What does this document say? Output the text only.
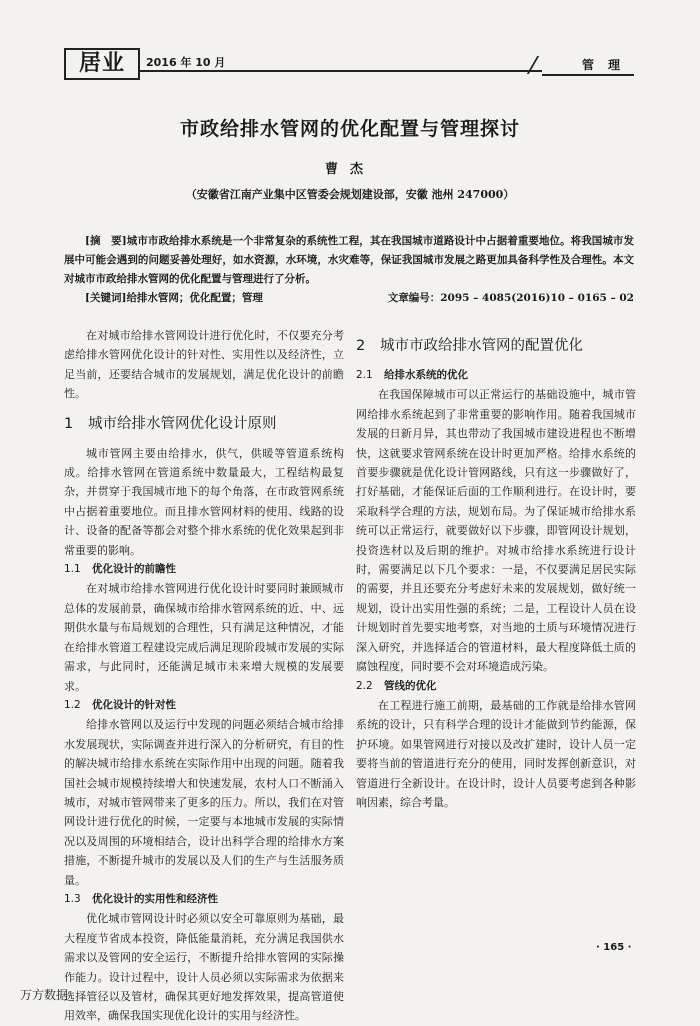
居业	2016 年 10 月	管理
市政给排水管网的优化配置与管理探讨
曹杰
（安徽省江南产业集中区管委会规划建设部，安徽 池州 247000）
[摘　要]城市市政给排水系统是一个非常复杂的系统性工程，其在我国城市道路设计中占据着重要地位。将我国城市发展中可能会遇到的问题妥善处理好，如水资源，水环境，水灾难等，保证我国城市发展之路更加具备科学性及合理性。本文对城市市政给排水管网的优化配置与管理进行了分析。
[关键词]给排水管网；优化配置；管理	文章编号：2095 – 4085(2016)10 – 0165 – 02

在对城市给排水管网设计进行优化时，不仅要充分考虑给排水管网优化设计的针对性、实用性以及经济性，立足当前，还要结合城市的发展规划，满足优化设计的前瞻性。

1 城市给排水管网优化设计原则

城市管网主要由给排水，供气，供暖等管道系统构成。给排水管网在管道系统中数量最大，工程结构最复杂，并贯穿于我国城市地下的每个角落，在市政管网系统中占据着重要地位。而且排水管网材料的使用、线路的设计、设备的配备等都会对整个排水系统的优化效果起到非常重要的影响。

1.1 优化设计的前瞻性

在对城市给排水管网进行优化设计时要同时兼顾城市总体的发展前景，确保城市给排水管网系统的近、中、远期供水量与布局规划的合理性，只有满足这种情况，才能在给排水管道工程建设完成后满足现阶段城市发展的实际需求，与此同时，还能满足城市未来增大规模的发展要求。

1.2 优化设计的针对性

给排水管网以及运行中发现的问题必须结合城市给排水发展现状，实际调查并进行深入的分析研究，有目的性的解决城市给排水系统在实际作用中出现的问题。随着我国社会城市规模持续增大和快速发展，农村人口不断涌入城市，对城市管网带来了更多的压力。所以，我们在对管网设计进行优化的时候，一定要与本地城市发展的实际情况以及周围的环境相结合，设计出科学合理的给排水方案措施，不断提升城市的发展以及人们的生产与生活服务质量。

1.3 优化设计的实用性和经济性

优化城市管网设计时必须以安全可靠原则为基础，最大程度节省成本投资，降低能量消耗，充分满足我国供水需求以及管网的安全运行，不断提升给排水管网的实际操作能力。设计过程中，设计人员必须以实际需求为依据来选择管径以及管材，确保其更好地发挥效果，提高管道使用效率，确保我国实现优化设计的实用与经济性。

2 城市市政给排水管网的配置优化
2.1 给排水系统的优化

在我国保障城市可以正常运行的基础设施中，城市管网给排水系统起到了非常重要的影响作用。随着我国城市发展的日新月异，其也带动了我国城市建设进程也不断增快，这就要求管网系统在设计时更加严格。给排水系统的首要步骤就是优化设计管网路线，只有这一步骤做好了，打好基础，才能保证后面的工作顺利进行。在设计时，要采取科学合理的方法，规划布局。为了保证城市给排水系统可以正常运行，就要做好以下步骤，即管网设计规划，投资选材以及后期的维护。对城市给排水系统进行设计时，需要满足以下几个要求：一是，不仅要满足居民实际的需要，并且还要充分考虑好未来的发展规划，做好统一规划，设计出实用性强的系统；二是，工程设计人员在设计规划时首先要实地考察，对当地的土质与环境情况进行深入研究，并选择适合的管道材料，最大程度降低土质的腐蚀程度，同时要不会对环境造成污染。

2.2 管线的优化

在工程进行施工前期，最基础的工作就是给排水管网系统的设计，只有科学合理的设计才能做到节约能源，保护环境。如果管网进行对接以及改扩建时，设计人员一定要将当前的管道进行充分的使用，同时发挥创新意识，对管道进行全新设计。在设计时，设计人员要考虑到各种影响因素，综合考量。

· 165 ·
万方数据
